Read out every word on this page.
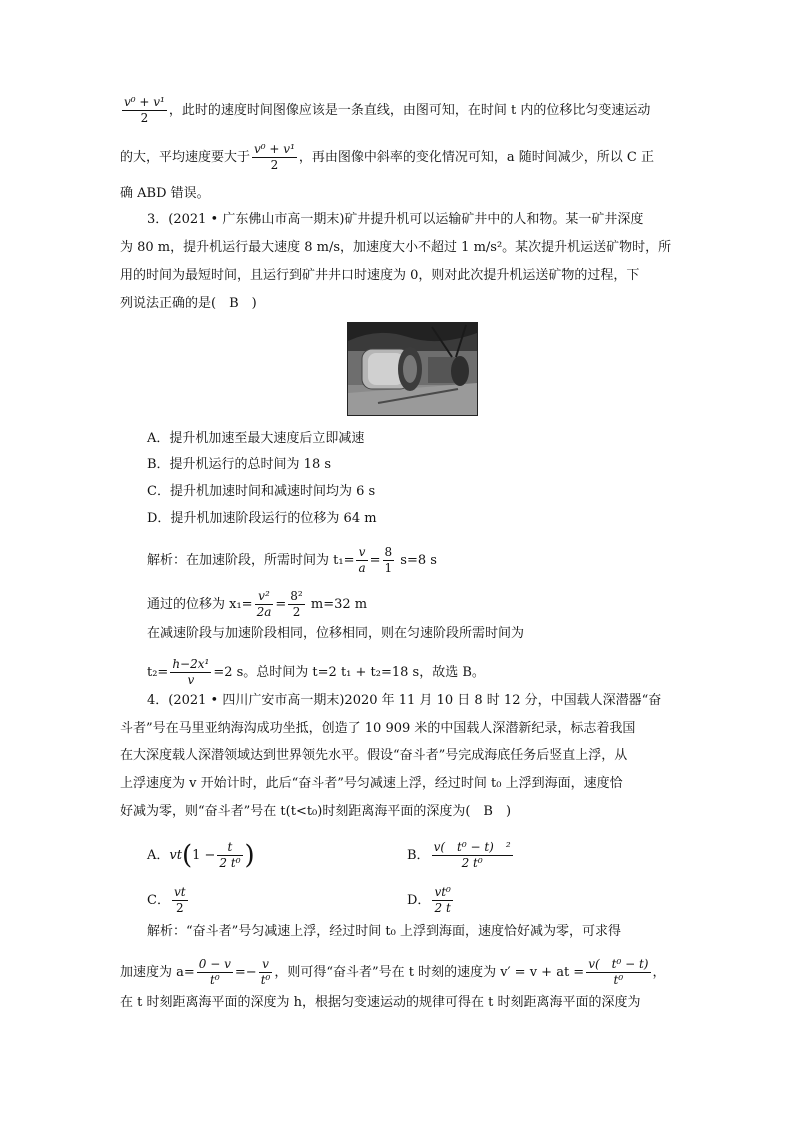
$\frac{\text{v⁰ + v¹}}{2}$ ，此时的速度时间图像应该是一条直线，由图可知，在时间 t 内的位移比匀变速运动
的大，平均速度要大于 $\frac{\text{v⁰ + v¹}}{2}$ ，再由图像中斜率的变化情况可知，a 随时间减少，所以 C 正
确 ABD 错误。
3．(2021 • 广东佛山市高一期末)矿井提升机可以运输矿井中的人和物。某一矿井深度
为 80 m，提升机运行最大速度 8 m/s，加速度大小不超过 1 m/s²。某次提升机运送矿物时，所
用的时间为最短时间，且运行到矿井井口时速度为 0，则对此次提升机运送矿物的过程，下
列说法正确的是(　B　)
A．提升机加速至最大速度后立即减速
B．提升机运行的总时间为 18 s
C．提升机加速时间和减速时间均为 6 s
D．提升机加速阶段运行的位移为 64 m
解析：在加速阶段，所需时间为 $t_1= \frac{v}{a} = \frac{8}{1} s=8$ s
通过的位移为 $x_1= \frac{\text{v²}}{2a} = \frac{\text{8²}}{2} m=32$ m
在减速阶段与加速阶段相同，位移相同，则在匀速阶段所需时间为
$t_2= \frac{\text{h−2x¹}}{v} =2$ s。总时间为 t=2 t₁ + t₂=18 s，故选 B。
4．(2021 • 四川广安市高一期末)2020 年 11 月 10 日 8 时 12 分，中国载人深潜器“奋
斗者”号在马里亚纳海沟成功坐抵，创造了 10 909 米的中国载人深潜新纪录，标志着我国
在大深度载人深潜领域达到世界领先水平。假设“奋斗者”号完成海底任务后竖直上浮，从
上浮速度为 v 开始计时，此后“奋斗者”号匀减速上浮，经过时间 t₀ 上浮到海面，速度恰
好减为零，则“奋斗者”号在 t(t<t₀)时刻距离海平面的深度为(　B　)
A．$vt(1 - \frac{t}{\text{2 t⁰}}$ )	B． $\frac{\text{v(　t⁰ − t)　²}}{\text{2 t⁰}}$
C． $\frac{vt}{2}$	D． $\frac{\text{vt⁰}}{2 t}$
解析：“奋斗者”号匀减速上浮，经过时间 t₀ 上浮到海面，速度恰好减为零，可求得
加速度为 $a= \frac{0 - v}{\text{t⁰}} =- \frac{v}{\text{t⁰}}$ ，则可得“奋斗者”号在 t 时刻的速度为 v′ = v + at = $\frac{\text{v(　t⁰ − t)}}{\text{t⁰}}$ ，
在 t 时刻距离海平面的深度为 h，根据匀变速运动的规律可得在 t 时刻距离海平面的深度为
